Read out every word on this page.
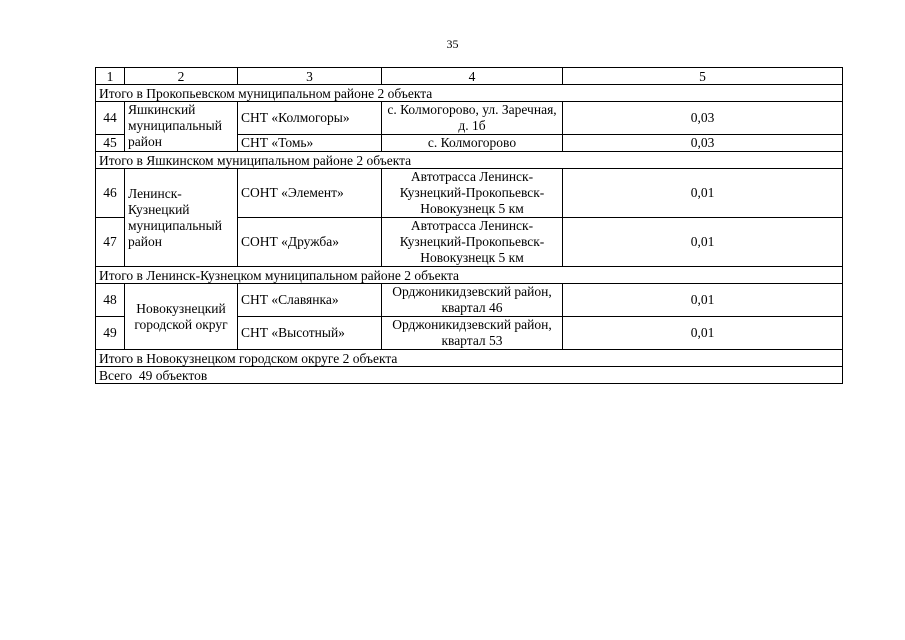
35
1	2	3	4	5
Итого в Прокопьевском муниципальном районе 2 объекта				
44	Яшкинский муниципальный район	СНТ «Колмогоры»	с. Колмогорово, ул. Заречная, д. 1б	0,03
45		СНТ «Томь»	с. Колмогорово	0,03
Итого в Яшкинском муниципальном районе 2 объекта				
46	Ленинск-Кузнецкий муниципальный район	СОНТ «Элемент»	Автотрасса Ленинск-Кузнецкий-Прокопьевск-Новокузнецк 5 км	0,01
47		СОНТ «Дружба»	Автотрасса Ленинск-Кузнецкий-Прокопьевск-Новокузнецк 5 км	0,01
Итого в Ленинск-Кузнецком муниципальном районе 2 объекта				
48	Новокузнецкий городской округ	СНТ «Славянка»	Орджоникидзевский район, квартал 46	0,01
49		СНТ «Высотный»	Орджоникидзевский район, квартал 53	0,01
Итого в Новокузнецком городском округе 2 объекта				
Всего  49 объектов				
